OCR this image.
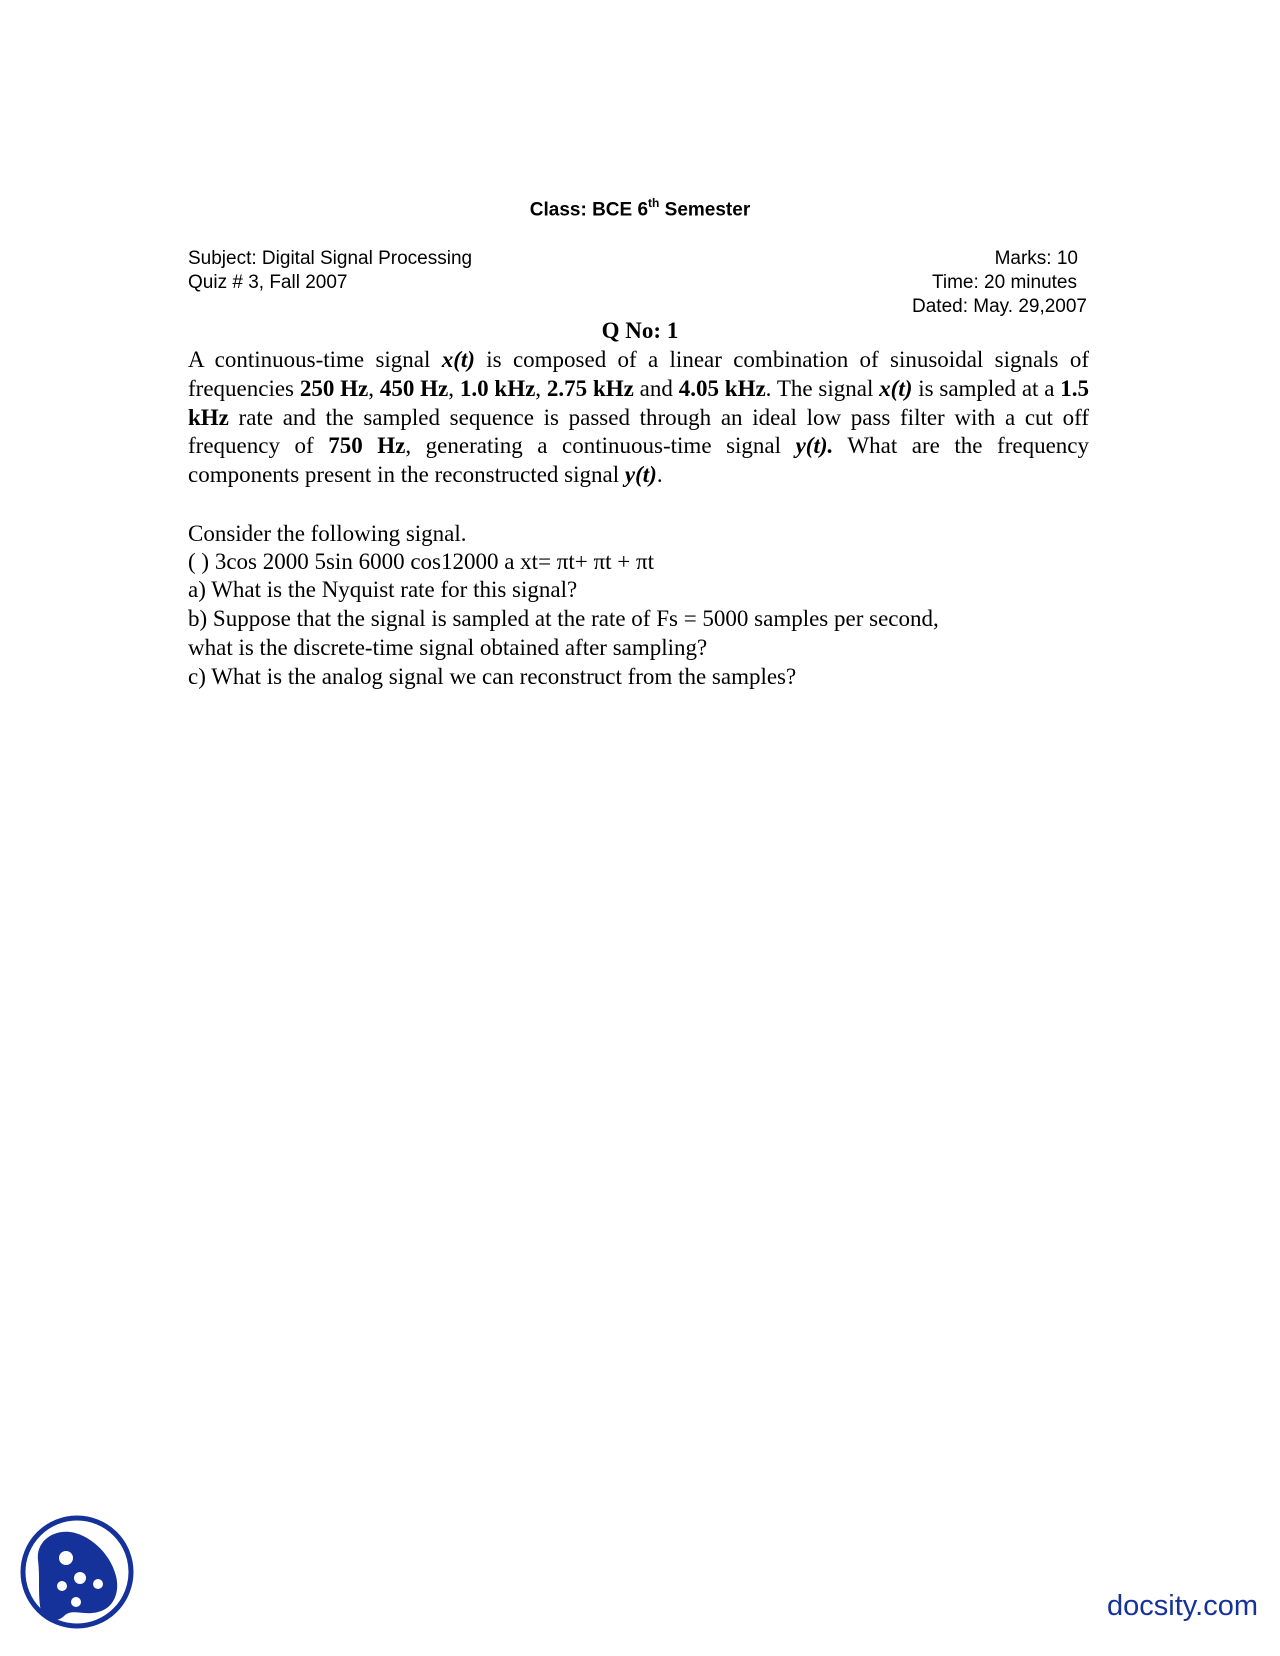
Class: BCE 6th Semester
Subject: Digital Signal Processing
Quiz # 3, Fall 2007
Marks: 10
Time: 20 minutes
Dated: May. 29,2007
Q No: 1
A continuous-time signal x(t) is composed of a linear combination of sinusoidal signals of frequencies 250 Hz, 450 Hz, 1.0 kHz, 2.75 kHz and 4.05 kHz. The signal x(t) is sampled at a 1.5 kHz rate and the sampled sequence is passed through an ideal low pass filter with a cut off frequency of 750 Hz, generating a continuous-time signal y(t). What are the frequency components present in the reconstructed signal y(t).
Consider the following signal.
( ) 3cos 2000 5sin 6000 cos12000 a xt= πt+ πt + πt
a) What is the Nyquist rate for this signal?
b) Suppose that the signal is sampled at the rate of Fs = 5000 samples per second,
what is the discrete-time signal obtained after sampling?
c) What is the analog signal we can reconstruct from the samples?
docsity.com
